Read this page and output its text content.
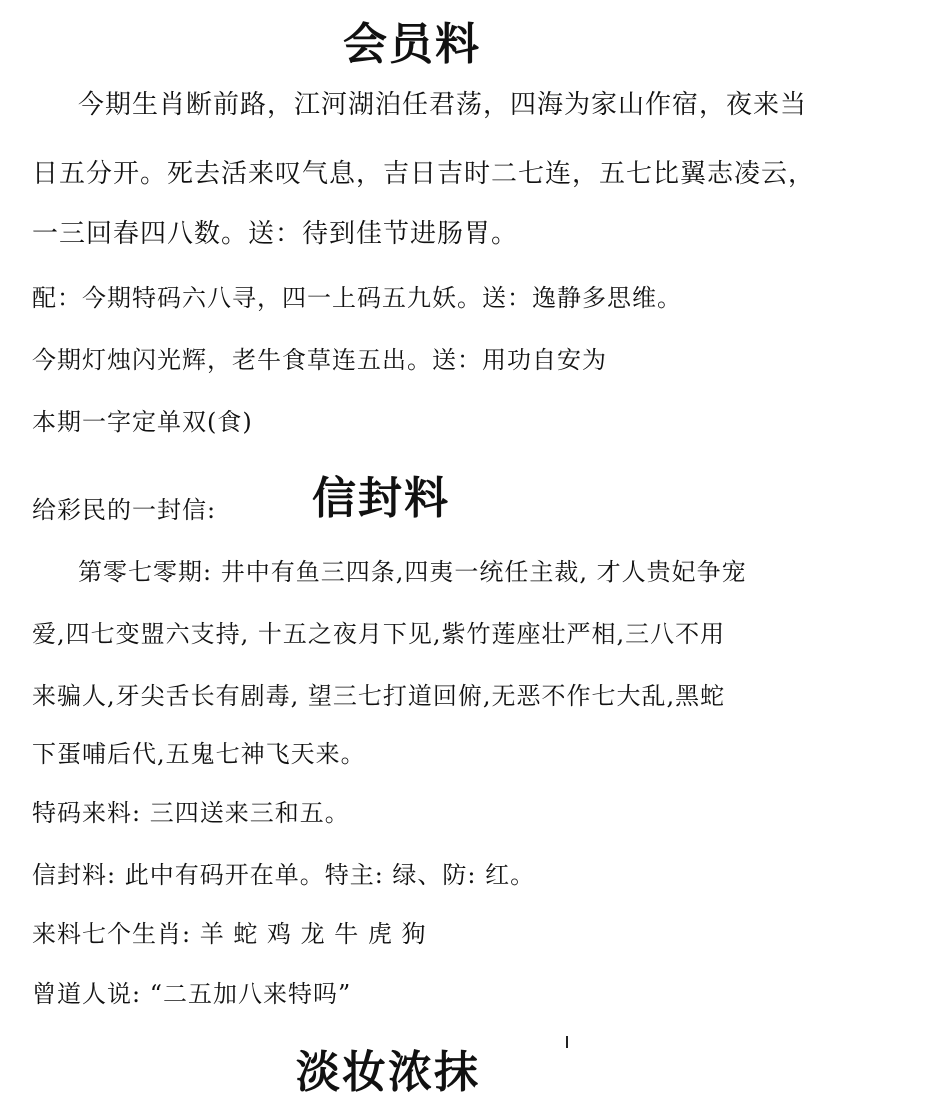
会员料
今期生肖断前路，江河湖泊任君荡，四海为家山作宿，夜来当
日五分开。死去活来叹气息，吉日吉时二七连，五七比翼志凌云，
一三回春四八数。送：待到佳节进肠胃。
配：今期特码六八寻，四一上码五九妖。送：逸静多思维。
今期灯烛闪光辉，老牛食草连五出。送：用功自安为
本期一字定单双(食)
给彩民的一封信: 信封料
第零七零期: 井中有鱼三四条,四夷一统任主裁, 才人贵妃争宠
爱,四七变盟六支持, 十五之夜月下见,紫竹莲座壮严相,三八不用
来骗人,牙尖舌长有剧毒, 望三七打道回俯,无恶不作七大乱,黑蛇
下蛋哺后代,五鬼七神飞天来。
特码来料: 三四送来三和五。
信封料: 此中有码开在单。特主: 绿、防: 红。
来料七个生肖: 羊 蛇 鸡 龙 牛 虎 狗
曾道人说: “二五加八来特吗”
淡妆浓抹
